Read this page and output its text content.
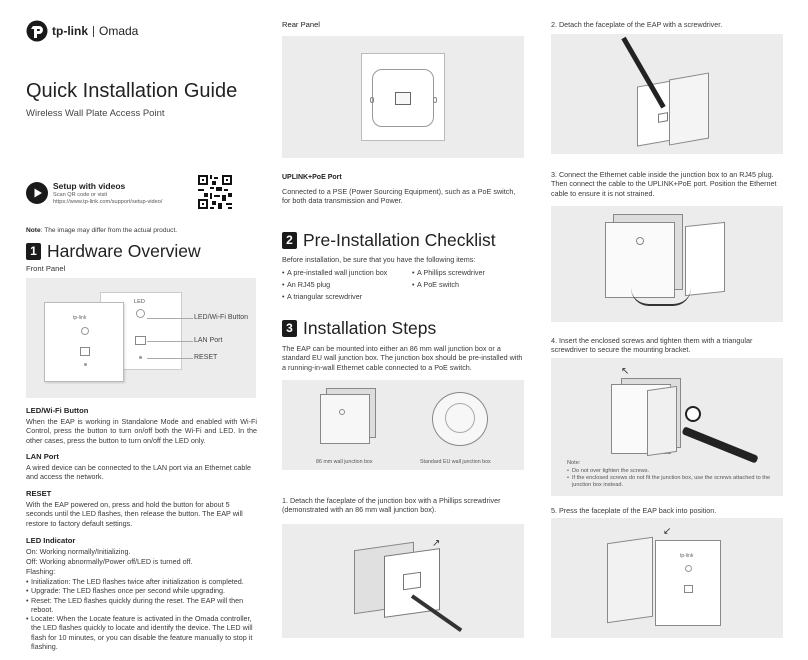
tp-link Omada
Quick Installation Guide
Wireless Wall Plate Access Point
Setup with videos
Scan QR code or visit
https://www.tp-link.com/support/setup-video/
Note: The image may differ from the actual product.
1 Hardware Overview
Front Panel
tp-link
LED
LED/Wi-Fi Button
LAN Port
RESET
LED/Wi-Fi Button
When the EAP is working in Standalone Mode and enabled with Wi-Fi Control, press the button to turn on/off both the Wi-Fi and LED. In the other cases, press the button to turn on/off the LED only.
LAN Port
A wired device can be connected to the LAN port via an Ethernet cable and access the network.
RESET
With the EAP powered on, press and hold the button for about 5 seconds until the LED flashes, then release the button. The EAP will restore to factory default settings.
LED Indicator
On: Working normally/Initializing.
Off: Working abnormally/Power off/LED is turned off.
Flashing:
• Initialization: The LED flashes twice after initialization is completed.
• Upgrade: The LED flashes once per second while upgrading.
• Reset: The LED flashes quickly during the reset. The EAP will then reboot.
• Locate: When the Locate feature is activated in the Omada controller, the LED flashes quickly to locate and identify the device. The LED will flash for 10 minutes, or you can disable the feature manually to stop it flashing.
Rear Panel
UPLINK+PoE Port
Connected to a PSE (Power Sourcing Equipment), such as a PoE switch, for both data transmission and Power.
2 Pre-Installation Checklist
Before installation, be sure that you have the following items:
• A pre-installed wall junction box
• An RJ45 plug
• A triangular screwdriver
• A Phillips screwdriver
• A PoE switch
3 Installation Steps
The EAP can be mounted into either an 86 mm wall junction box or a standard EU wall junction box. The junction box should be pre-installed with a running-in-wall Ethernet cable connected to a PoE switch.
86 mm wall junction box	Standard EU wall junction box
1. Detach the faceplate of the junction box with a Phillips screwdriver
(demonstrated with an 86 mm wall junction box).
↗
2. Detach the faceplate of the EAP with a screwdriver.
3. Connect the Ethernet cable inside the junction box to an RJ45 plug. Then connect the cable to the UPLINK+PoE port. Position the Ethernet cable to ensure it is not strained.
4. Insert the enclosed screws and tighten them with a triangular screwdriver to secure the mounting bracket.
↖
Note:
• Do not over tighten the screws.
• If the enclosed screws do not fit the junction box, use the screws attached to the junction box instead.
5. Press the faceplate of the EAP back into position.
↙
tp-link
